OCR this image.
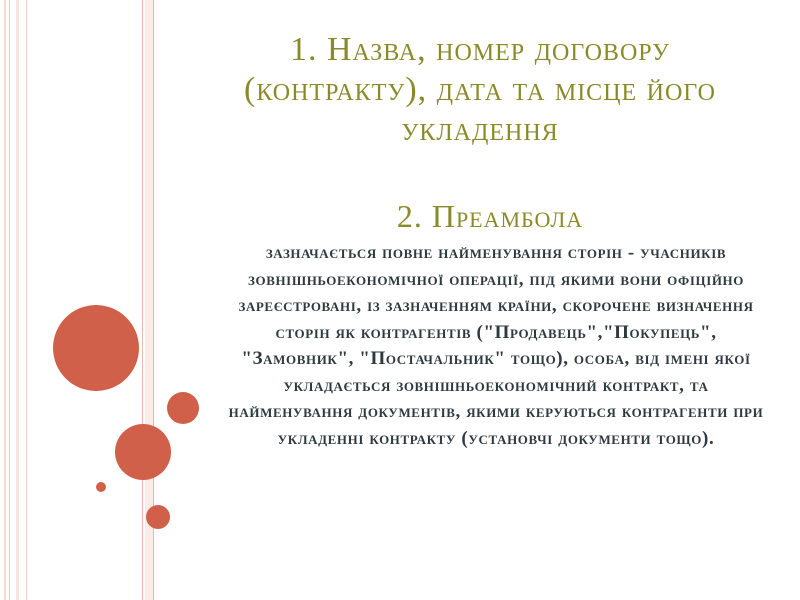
1. Назва, номер договору (контракту), дата та місце його укладення
2. Преамбола

зазначається повне найменування сторін - учасників зовнішньоекономічної операції, під якими вони офіційно зареєстровані, із зазначенням країни, скорочене визначення сторін як контрагентів ("Продавець","Покупець", "Замовник", "Постачальник" тощо), особа, від імені якої укладається зовнішньоекономічний контракт, та найменування документів, якими керуються контрагенти при укладенні контракту (установчі документи тощо).
